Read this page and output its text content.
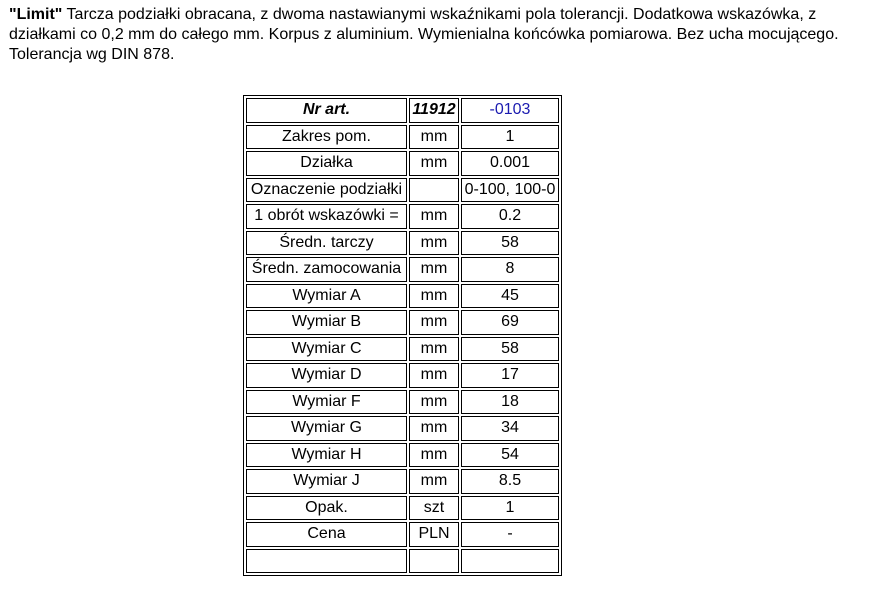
"Limit" Tarcza podziałki obracana, z dwoma nastawianymi wskaźnikami pola tolerancji. Dodatkowa wskazówka, z działkami co 0,2 mm do całego mm. Korpus z aluminium. Wymienialna końcówka pomiarowa. Bez ucha mocującego. Tolerancja wg DIN 878.
Nr art.	11912	-0103
Zakres pom.	mm	1
Działka	mm	0.001
Oznaczenie podziałki		0-100, 100-0
1 obrót wskazówki =	mm	0.2
Średn. tarczy	mm	58
Średn. zamocowania	mm	8
Wymiar A	mm	45
Wymiar B	mm	69
Wymiar C	mm	58
Wymiar D	mm	17
Wymiar F	mm	18
Wymiar G	mm	34
Wymiar H	mm	54
Wymiar J	mm	8.5
Opak.	szt	1
Cena	PLN	-
